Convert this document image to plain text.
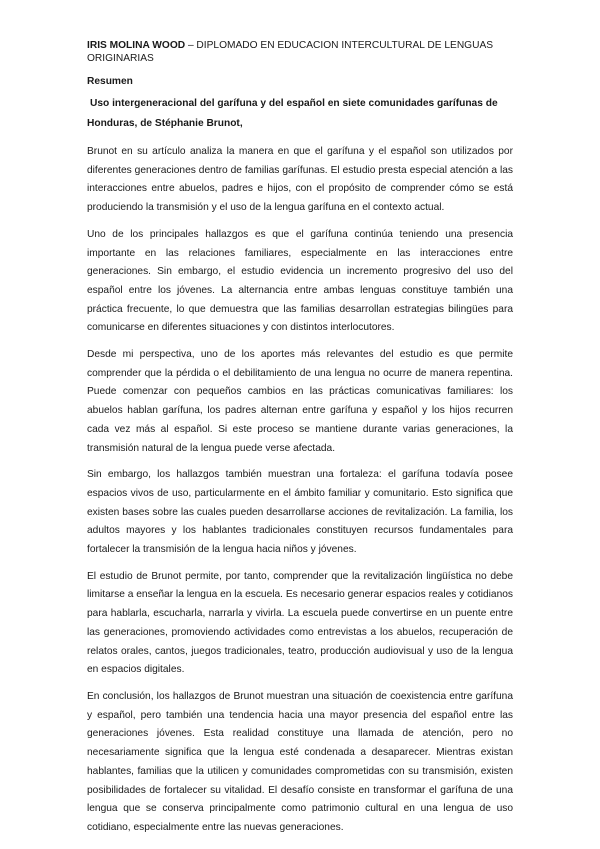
IRIS MOLINA WOOD – DIPLOMADO EN EDUCACION INTERCULTURAL DE LENGUAS ORIGINARIAS

Resumen

Uso intergeneracional del garífuna y del español en siete comunidades garífunas de Honduras, de Stéphanie Brunot,

Brunot en su artículo analiza la manera en que el garífuna y el español son utilizados por diferentes generaciones dentro de familias garífunas. El estudio presta especial atención a las interacciones entre abuelos, padres e hijos, con el propósito de comprender cómo se está produciendo la transmisión y el uso de la lengua garífuna en el contexto actual.

Uno de los principales hallazgos es que el garífuna continúa teniendo una presencia importante en las relaciones familiares, especialmente en las interacciones entre generaciones. Sin embargo, el estudio evidencia un incremento progresivo del uso del español entre los jóvenes. La alternancia entre ambas lenguas constituye también una práctica frecuente, lo que demuestra que las familias desarrollan estrategias bilingües para comunicarse en diferentes situaciones y con distintos interlocutores.

Desde mi perspectiva, uno de los aportes más relevantes del estudio es que permite comprender que la pérdida o el debilitamiento de una lengua no ocurre de manera repentina. Puede comenzar con pequeños cambios en las prácticas comunicativas familiares: los abuelos hablan garífuna, los padres alternan entre garífuna y español y los hijos recurren cada vez más al español. Si este proceso se mantiene durante varias generaciones, la transmisión natural de la lengua puede verse afectada.

Sin embargo, los hallazgos también muestran una fortaleza: el garífuna todavía posee espacios vivos de uso, particularmente en el ámbito familiar y comunitario. Esto significa que existen bases sobre las cuales pueden desarrollarse acciones de revitalización. La familia, los adultos mayores y los hablantes tradicionales constituyen recursos fundamentales para fortalecer la transmisión de la lengua hacia niños y jóvenes.

El estudio de Brunot permite, por tanto, comprender que la revitalización lingüística no debe limitarse a enseñar la lengua en la escuela. Es necesario generar espacios reales y cotidianos para hablarla, escucharla, narrarla y vivirla. La escuela puede convertirse en un puente entre las generaciones, promoviendo actividades como entrevistas a los abuelos, recuperación de relatos orales, cantos, juegos tradicionales, teatro, producción audiovisual y uso de la lengua en espacios digitales.

En conclusión, los hallazgos de Brunot muestran una situación de coexistencia entre garífuna y español, pero también una tendencia hacia una mayor presencia del español entre las generaciones jóvenes. Esta realidad constituye una llamada de atención, pero no necesariamente significa que la lengua esté condenada a desaparecer. Mientras existan hablantes, familias que la utilicen y comunidades comprometidas con su transmisión, existen posibilidades de fortalecer su vitalidad. El desafío consiste en transformar el garífuna de una lengua que se conserva principalmente como patrimonio cultural en una lengua de uso cotidiano, especialmente entre las nuevas generaciones.
